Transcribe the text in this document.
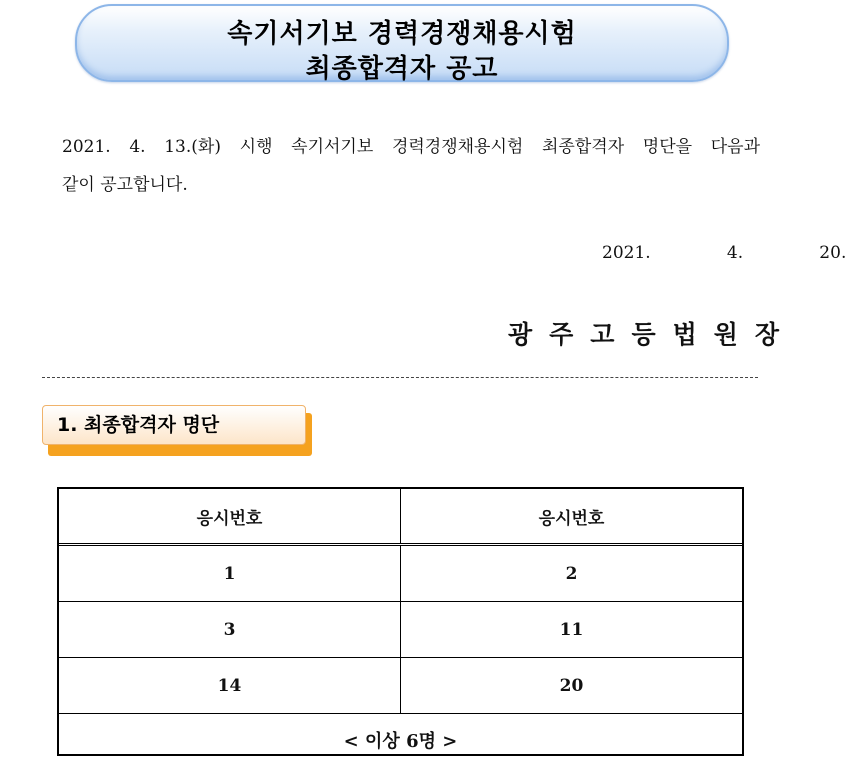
속기서기보 경력경쟁채용시험
최종합격자 공고
2021. 4. 13.(화) 시행 속기서기보 경력경쟁채용시험 최종합격자 명단을 다음과
같이 공고합니다.
2021.   4.   20.
광주고등법원장
1. 최종합격자 명단
응시번호	응시번호
1	2
3	11
14	20
< 이상 6명 >	
